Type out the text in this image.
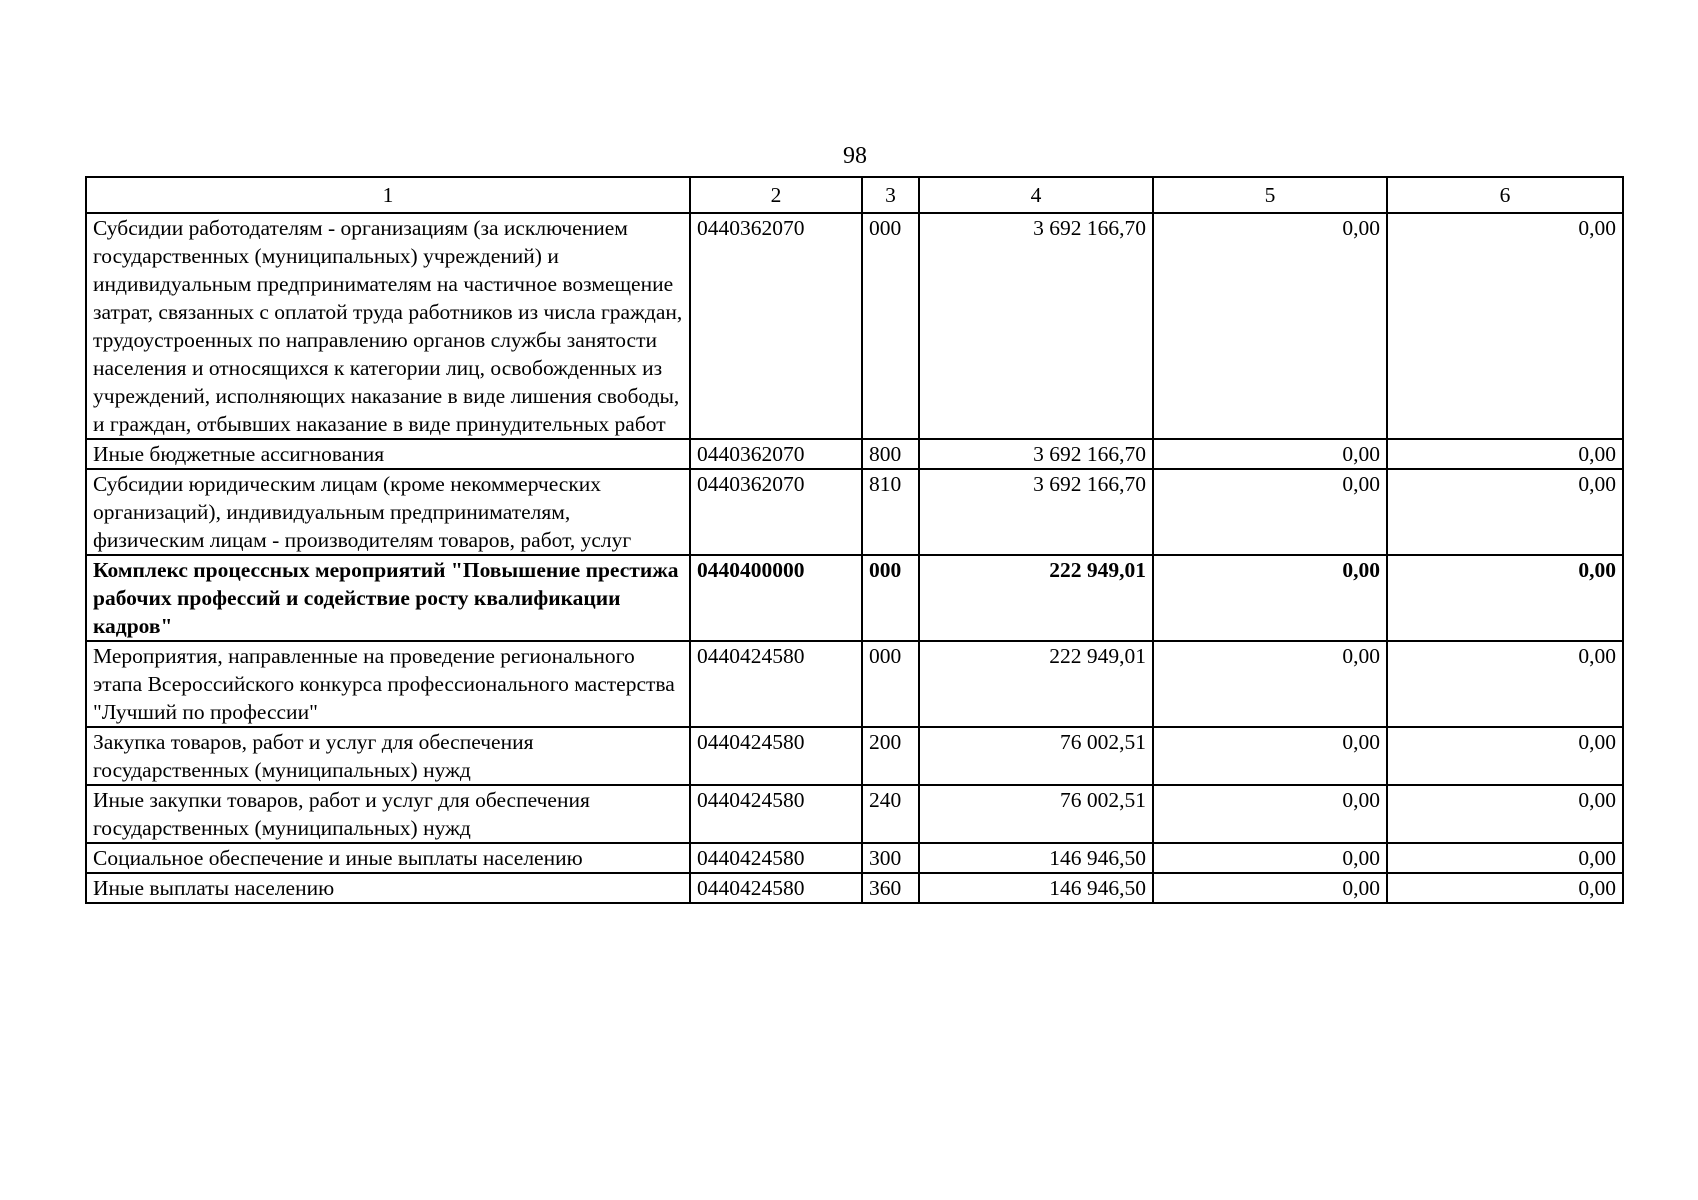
98
1	2	3	4	5	6
Субсидии работодателям - организациям (за исключением государственных (муниципальных) учреждений) и индивидуальным предпринимателям на частичное возмещение затрат, связанных с оплатой труда работников из числа граждан, трудоустроенных по направлению органов службы занятости населения и относящихся к категории лиц, освобожденных из учреждений, исполняющих наказание в виде лишения свободы, и граждан, отбывших наказание в виде принудительных работ	0440362070	000	3 692 166,70	0,00	0,00
Иные бюджетные ассигнования	0440362070	800	3 692 166,70	0,00	0,00
Субсидии юридическим лицам (кроме некоммерческих организаций), индивидуальным предпринимателям, физическим лицам - производителям товаров, работ, услуг	0440362070	810	3 692 166,70	0,00	0,00
Комплекс процессных мероприятий "Повышение престижа рабочих профессий и содействие росту квалификации кадров"	0440400000	000	222 949,01	0,00	0,00
Мероприятия, направленные на проведение регионального этапа Всероссийского конкурса профессионального мастерства "Лучший по профессии"	0440424580	000	222 949,01	0,00	0,00
Закупка товаров, работ и услуг для обеспечения государственных (муниципальных) нужд	0440424580	200	76 002,51	0,00	0,00
Иные закупки товаров, работ и услуг для обеспечения государственных (муниципальных) нужд	0440424580	240	76 002,51	0,00	0,00
Социальное обеспечение и иные выплаты населению	0440424580	300	146 946,50	0,00	0,00
Иные выплаты населению	0440424580	360	146 946,50	0,00	0,00
